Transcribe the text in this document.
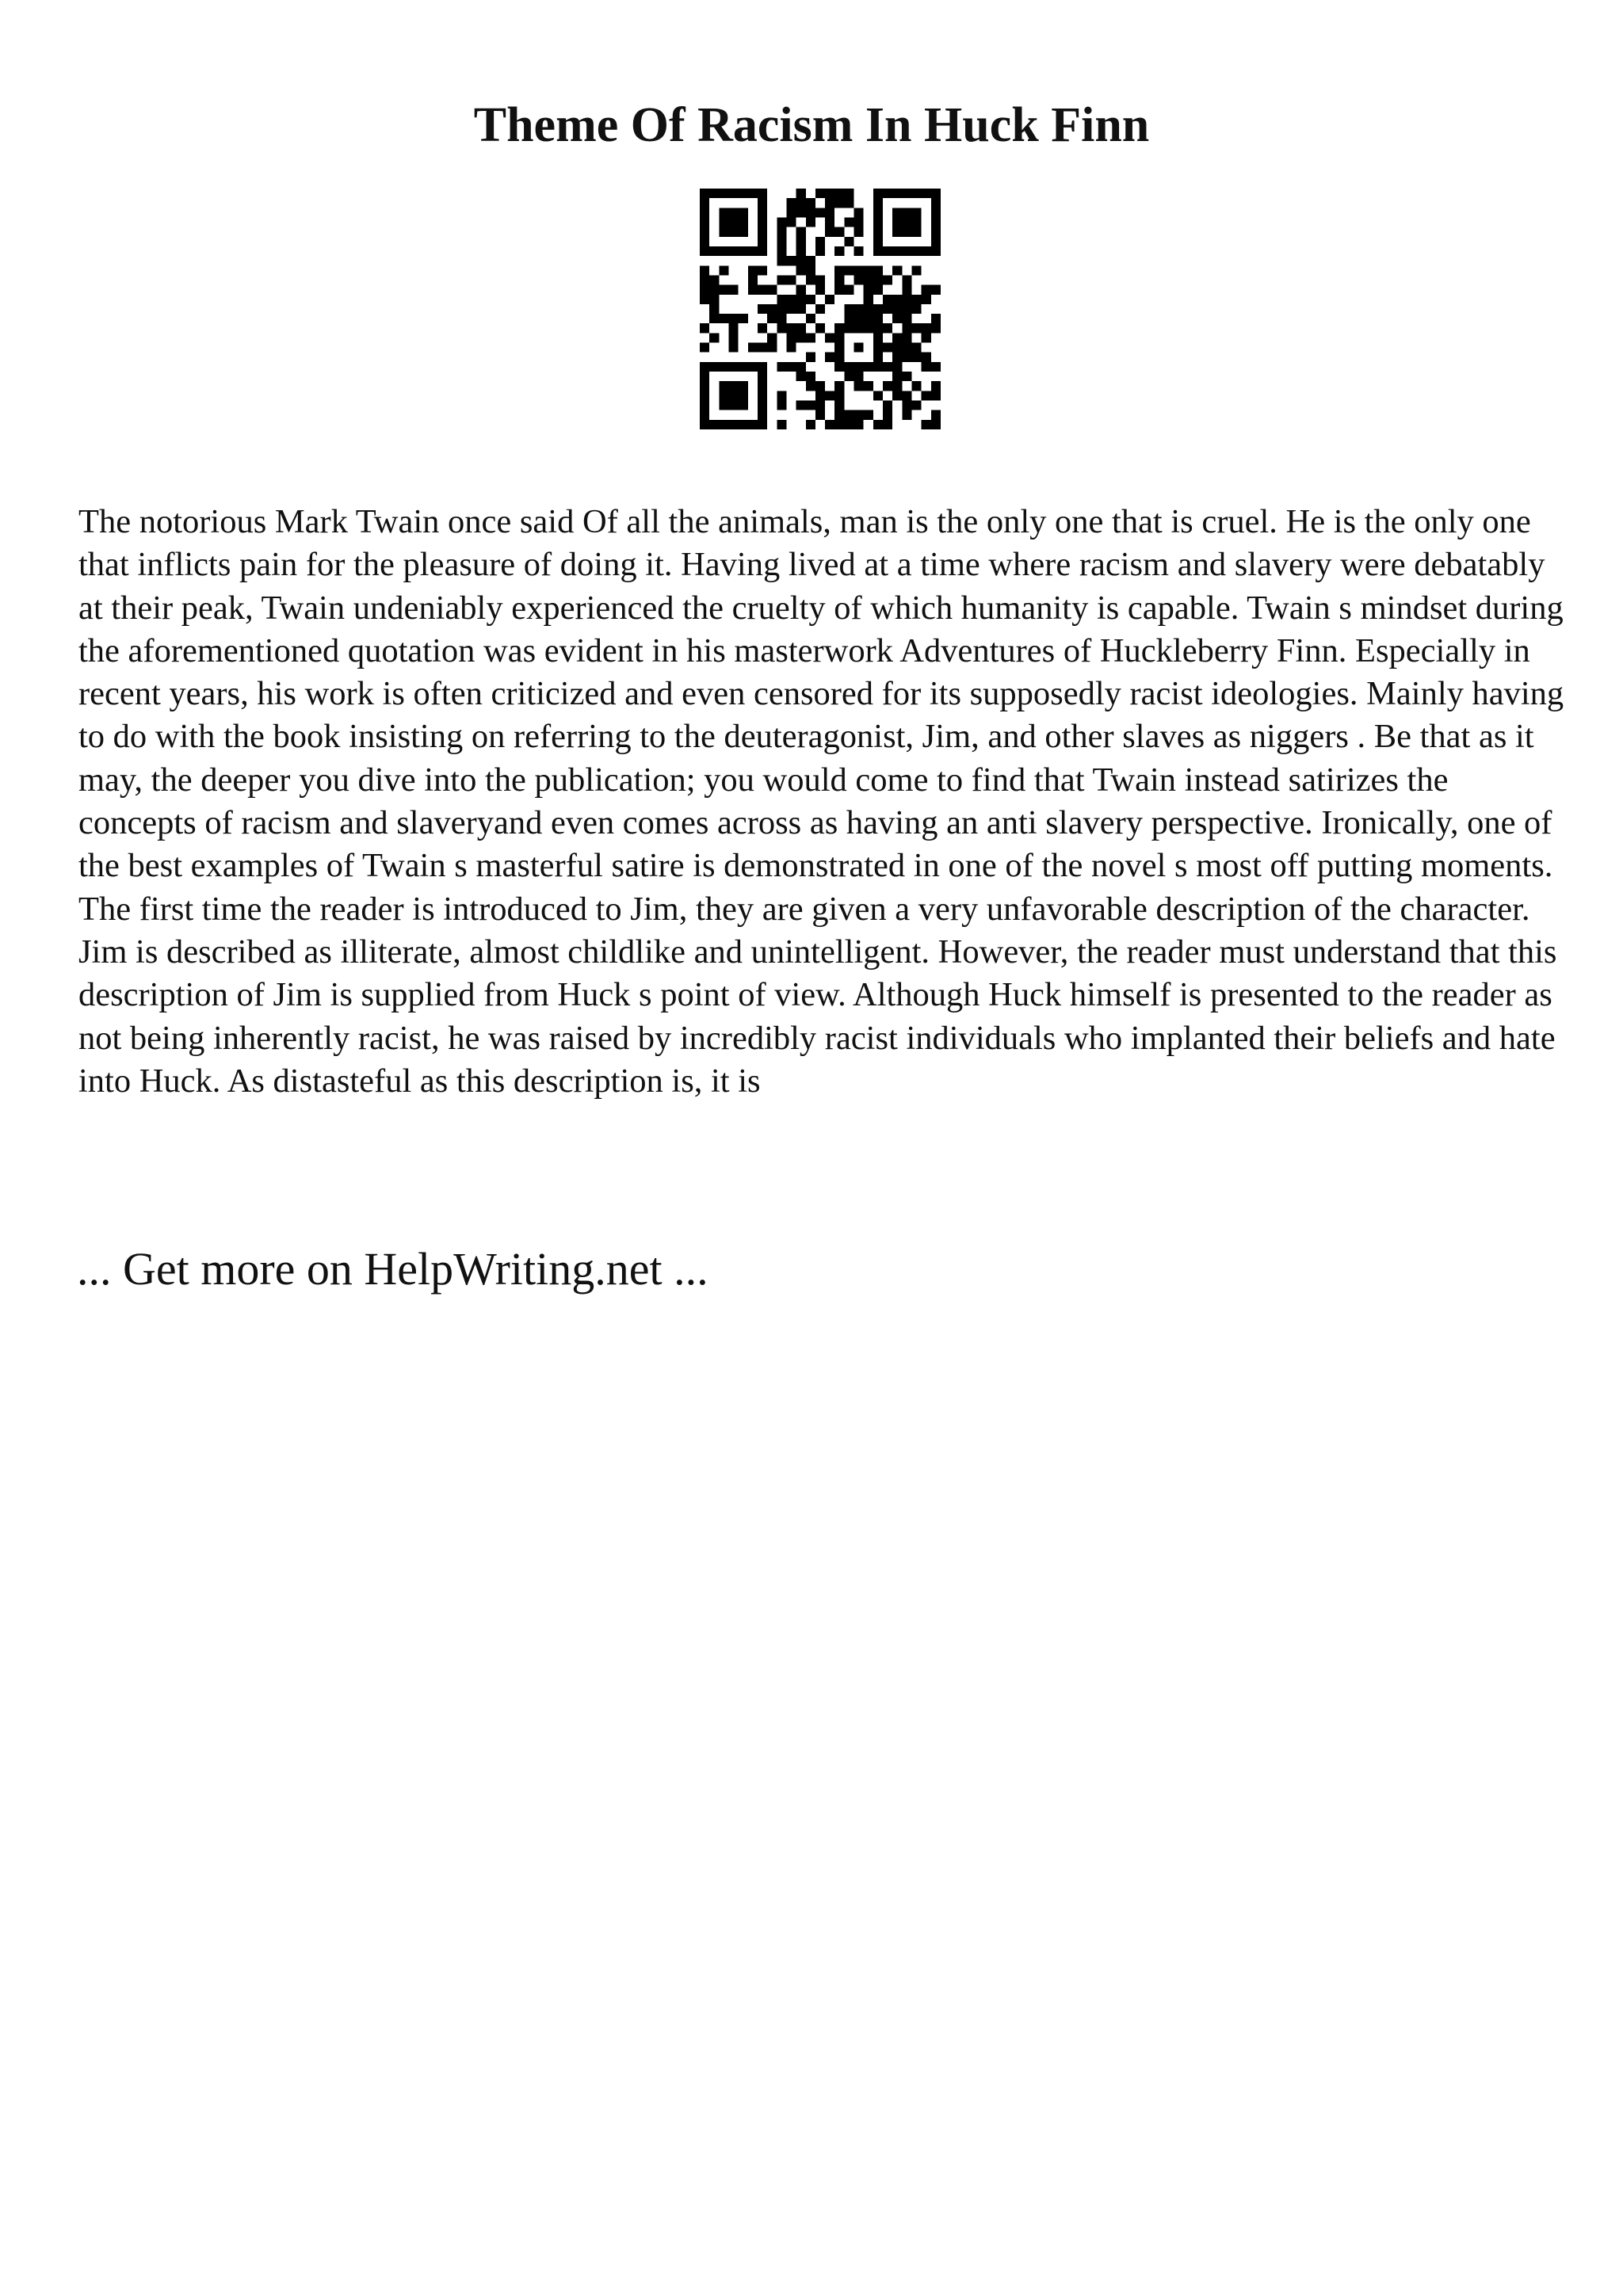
Theme Of Racism In Huck Finn

The notorious Mark Twain once said Of all the animals, man is the only one that is cruel. He is the only one that inflicts pain for the pleasure of doing it. Having lived at a time where racism and slavery were debatably at their peak, Twain undeniably experienced the cruelty of which humanity is capable. Twain s mindset during the aforementioned quotation was evident in his masterwork Adventures of Huckleberry Finn. Especially in recent years, his work is often criticized and even censored for its supposedly racist ideologies. Mainly having to do with the book insisting on referring to the deuteragonist, Jim, and other slaves as niggers . Be that as it may, the deeper you dive into the publication; you would come to find that Twain instead satirizes the concepts of racism and slaveryand even comes across as having an anti slavery perspective. Ironically, one of the best examples of Twain s masterful satire is demonstrated in one of the novel s most off putting moments. The first time the reader is introduced to Jim, they are given a very unfavorable description of the character. Jim is described as illiterate, almost childlike and unintelligent. However, the reader must understand that this description of Jim is supplied from Huck s point of view. Although Huck himself is presented to the reader as not being inherently racist, he was raised by incredibly racist individuals who implanted their beliefs and hate into Huck. As distasteful as this description is, it is

... Get more on HelpWriting.net ...
